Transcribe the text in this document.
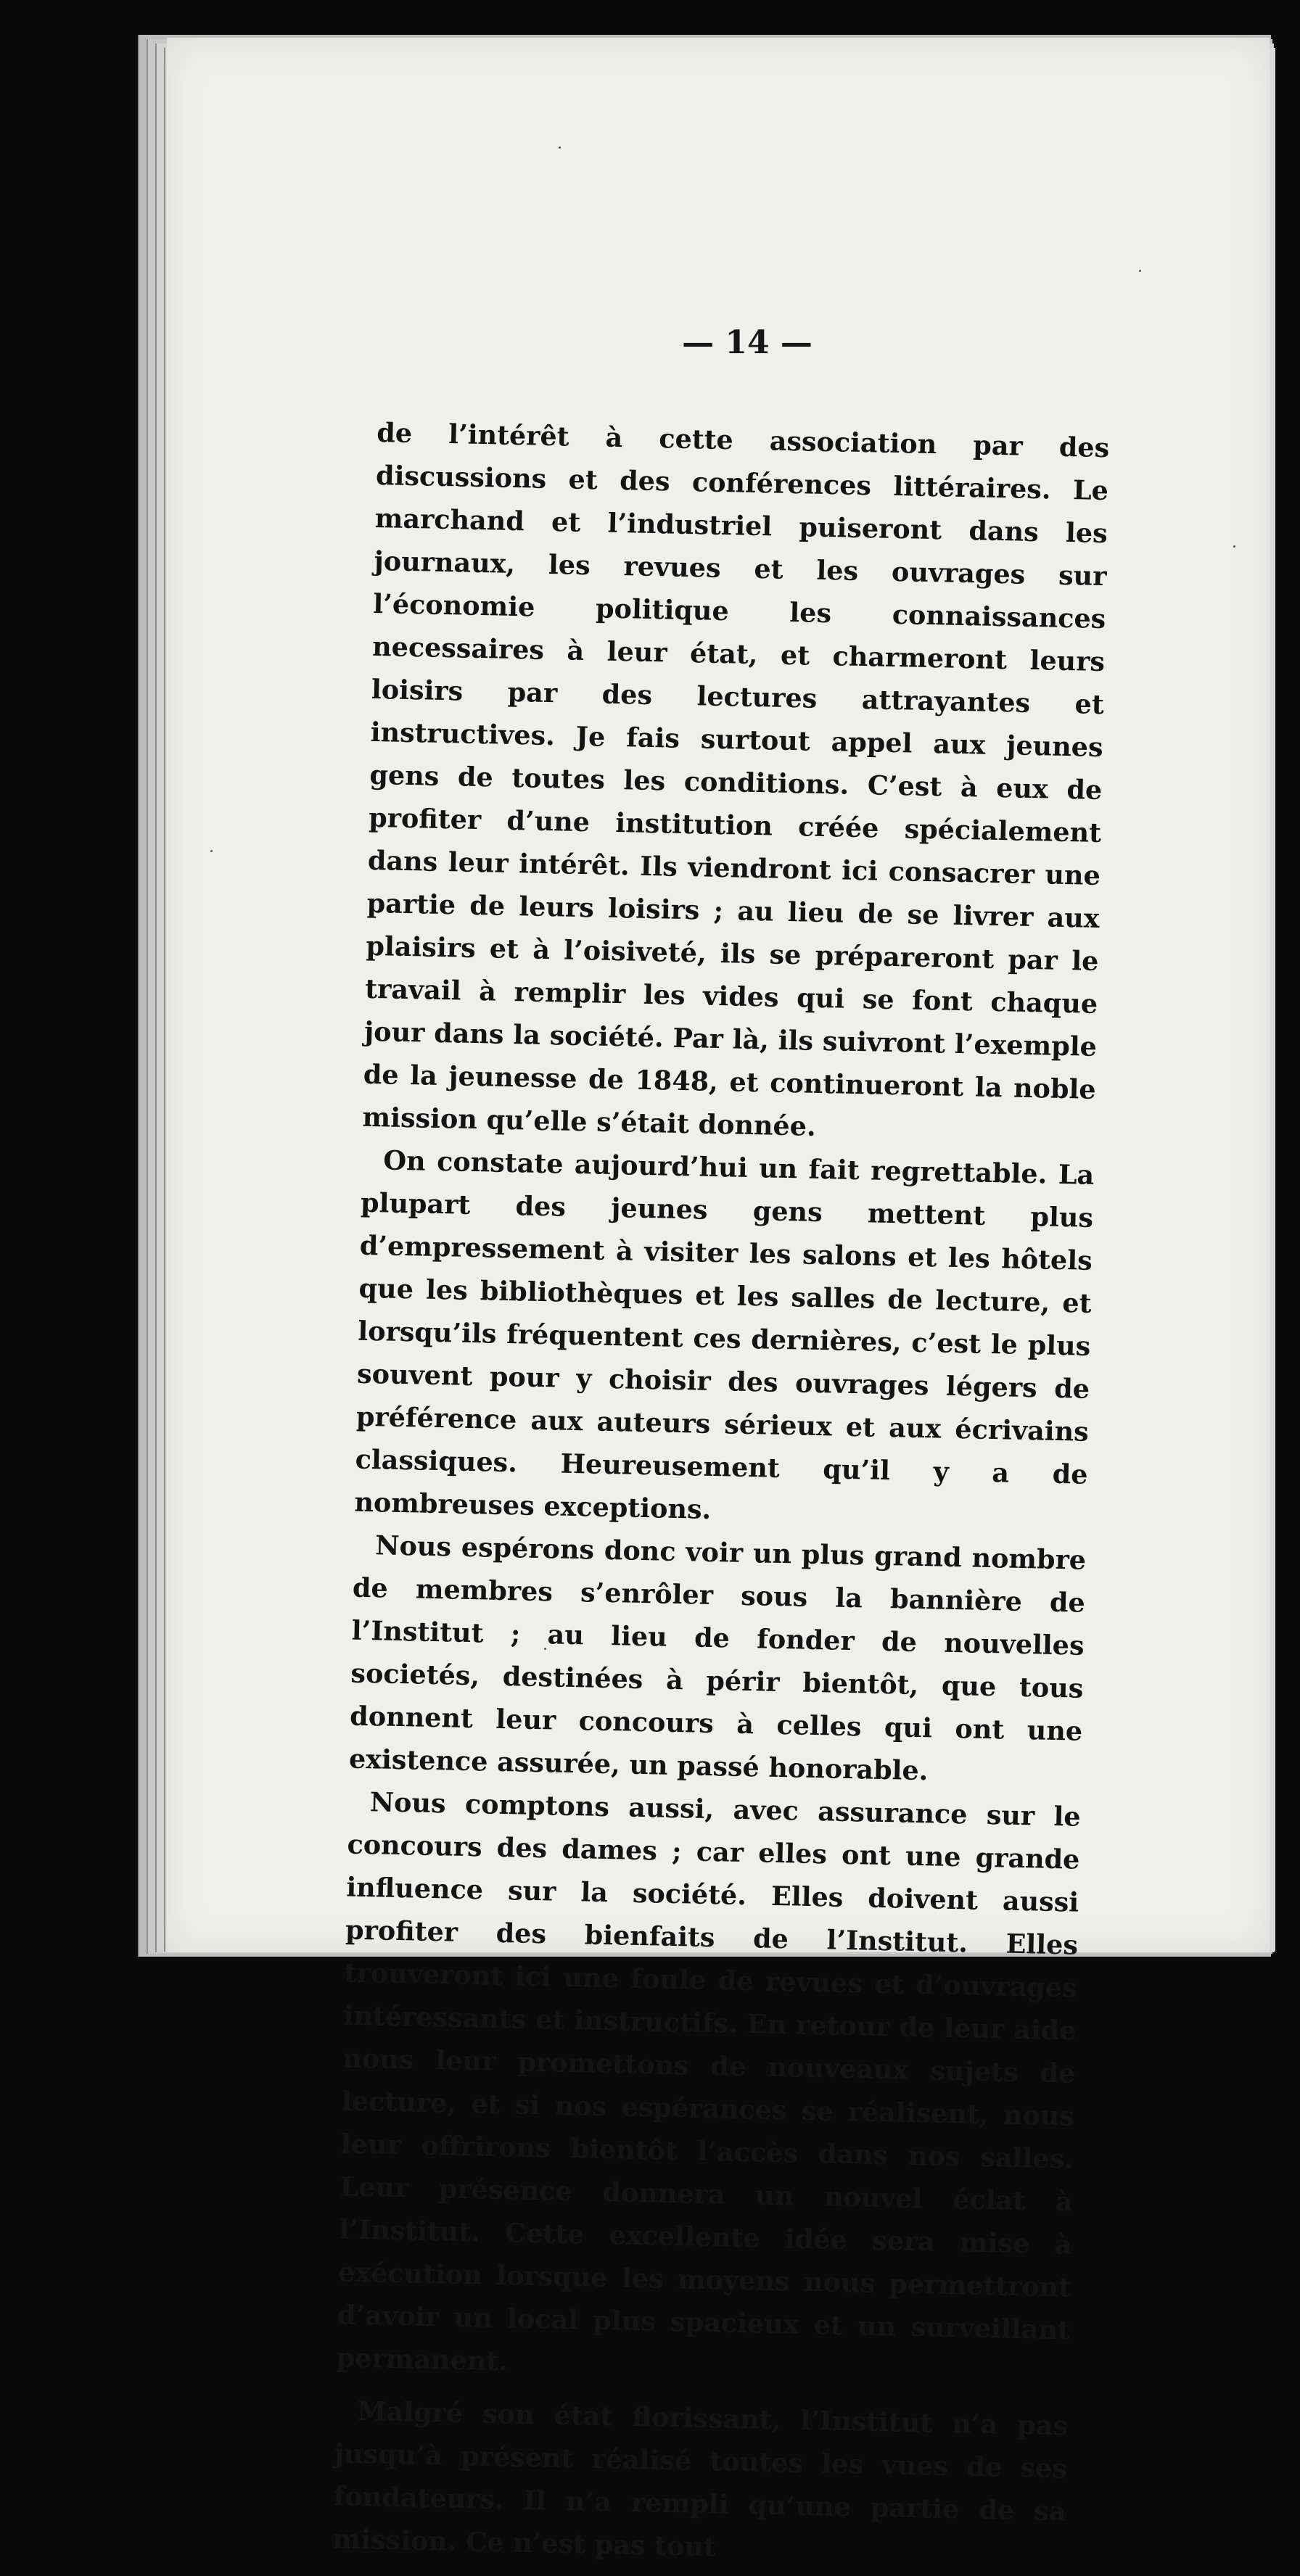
— 14 —

de l’intérêt à cette association par des discussions et des conférences littéraires. Le marchand et l’industriel puiseront dans les journaux, les revues et les ouvrages sur l’économie politique les connaissances necessaires à leur état, et charmeront leurs loisirs par des lectures attrayantes et instructives. Je fais surtout appel aux jeunes gens de toutes les conditions. C’est à eux de profiter d’une institution créée spécialement dans leur intérêt. Ils viendront ici consacrer une partie de leurs loisirs ; au lieu de se livrer aux plaisirs et à l’oisiveté, ils se prépareront par le travail à remplir les vides qui se font chaque jour dans la société. Par là, ils suivront l’exemple de la jeunesse de 1848, et continueront la noble mission qu’elle s’était donnée.

On constate aujourd’hui un fait regrettable. La plupart des jeunes gens mettent plus d’empressement à visiter les salons et les hôtels que les bibliothèques et les salles de lecture, et lorsqu’ils fréquentent ces dernières, c’est le plus souvent pour y choisir des ouvrages légers de préférence aux auteurs sérieux et aux écrivains classiques. Heureusement qu’il y a de nombreuses exceptions.

Nous espérons donc voir un plus grand nombre de membres s’enrôler sous la bannière de l’Institut ; au lieu de fonder de nouvelles societés, destinées à périr bientôt, que tous donnent leur concours à celles qui ont une existence assurée, un passé honorable.

Nous comptons aussi, avec assurance sur le concours des dames ; car elles ont une grande influence sur la société. Elles doivent aussi profiter des bienfaits de l’Institut. Elles trouveront ici une foule de revues et d’ouvrages intéressants et instructifs. En retour de leur aide nous leur promettons de nouveaux sujets de lecture, et si nos espérances se réalisent, nous leur offrirons bientôt l’accès dans nos salles. Leur présence donnera un nouvel éclat à l’Institut. Cette excellente idée sera mise à exécution lorsque les moyens nous permettront d’avoir un local plus spacieux et un surveillant permanent.

Malgré son état florissant, l’Institut n’a pas jusqu’à présent réalisé toutes les vues de ses fondateurs. Il n’a rempli qu’une partie de sa mission. Ce n’est pas tout
